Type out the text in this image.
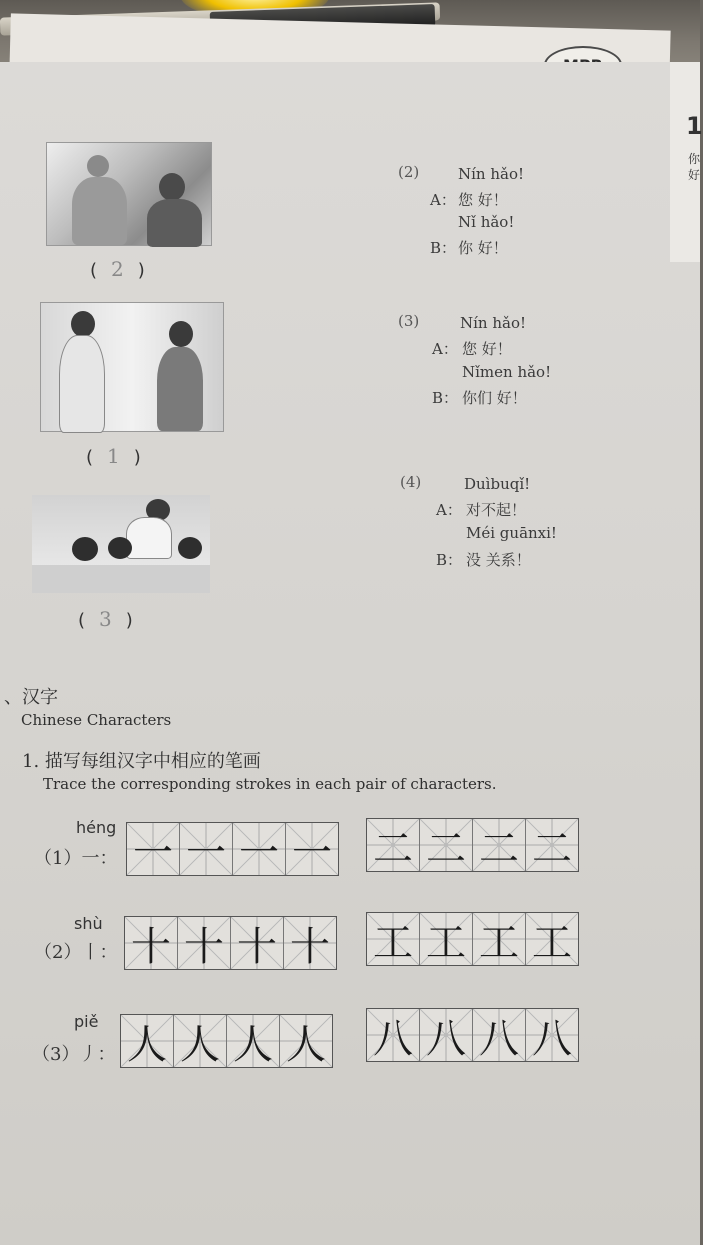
1
你
好
( 2 )
( 1 )
( 3 )
(2)	Nín hǎo!
A： 您 好！
Nǐ hǎo!
B： 你 好！
(3)	Nín hǎo!
A： 您 好！
Nǐmen hǎo!
B： 你们 好！
(4)	Duìbuqǐ!
A： 对不起！
Méi guānxi!
B： 没 关系！
、汉字
Chinese Characters
1. 描写每组汉字中相应的笔画
Trace the corresponding strokes in each pair of characters.
héng
（1）一： 一 一 一 一 二 二 二 二
shù
（2）丨： 十 十 十 十 工 工 工 工
piě
（3）丿： 人 人 人 人 八 八 八 八
